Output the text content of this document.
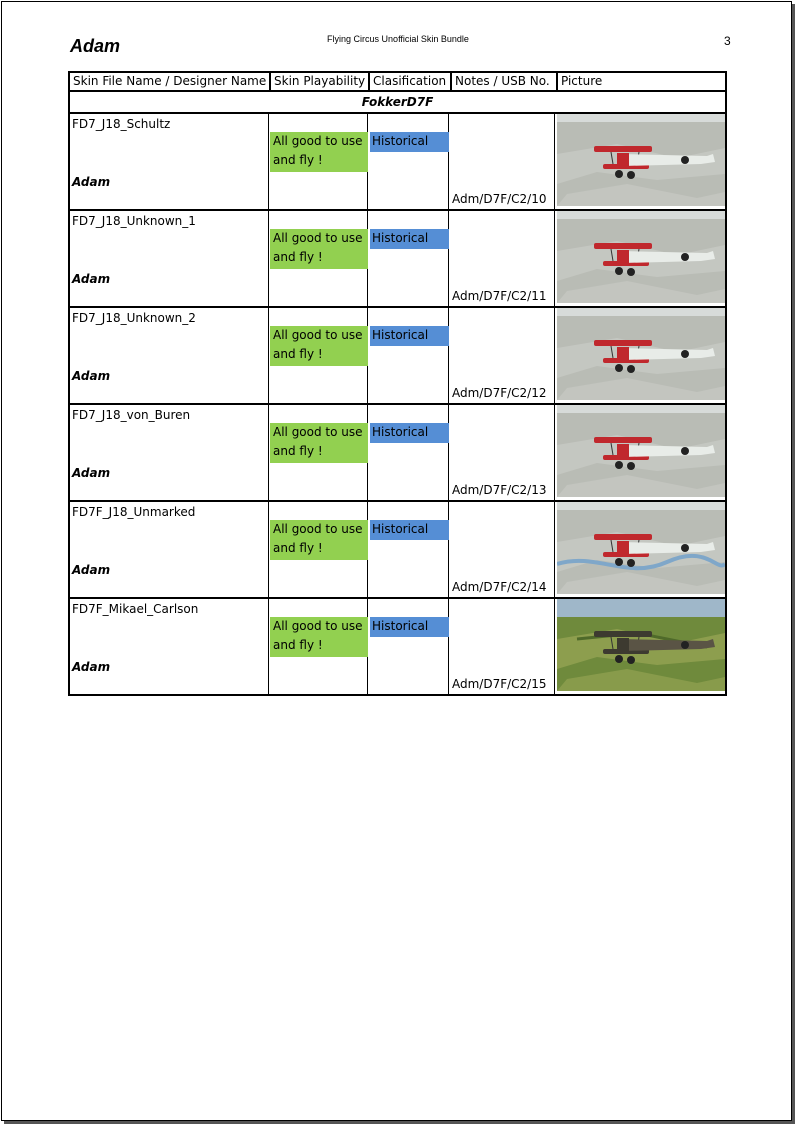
Adam	Flying Circus Unofficial Skin Bundle	3
Skin File Name / Designer Name Skin Playability Clasification Notes / USB No. Picture
FokkerD7F
FD7_J18_Schultz
Adam
All good to use and fly !
Historical
Adm/D7F/C2/10
FD7_J18_Unknown_1
Adam
All good to use and fly !
Historical
Adm/D7F/C2/11
FD7_J18_Unknown_2
Adam
All good to use and fly !
Historical
Adm/D7F/C2/12
FD7_J18_von_Buren
Adam
All good to use and fly !
Historical
Adm/D7F/C2/13
FD7F_J18_Unmarked
Adam
All good to use and fly !
Historical
Adm/D7F/C2/14
FD7F_Mikael_Carlson
Adam
All good to use and fly !
Historical
Adm/D7F/C2/15
